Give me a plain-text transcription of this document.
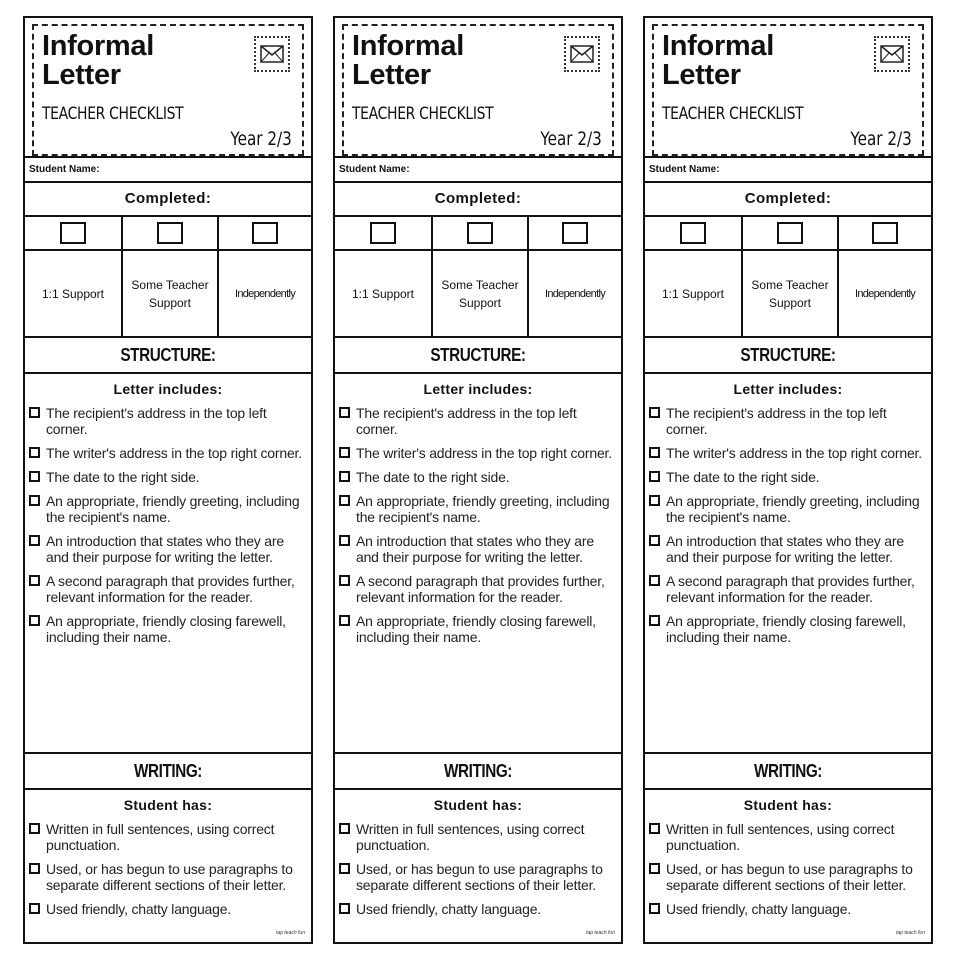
Informal
Letter
TEACHER CHECKLIST
Year 2/3
Student Name:
Completed:
1:1 Support
Some Teacher Support
Independently
STRUCTURE:
Letter includes:
The recipient's address in the top left corner.
The writer's address in the top right corner.
The date to the right side.
An appropriate, friendly greeting, including the recipient's name.
An introduction that states who they are and their purpose for writing the letter.
A second paragraph that provides further, relevant information for the reader.
An appropriate, friendly closing farewell, including their name.
WRITING:
Student has:
Written in full sentences, using correct punctuation.
Used, or has begun to use paragraphs to separate different sections of their letter.
Used friendly, chatty language.
tap teach fun
Informal
Letter
TEACHER CHECKLIST
Year 2/3
Student Name:
Completed:
1:1 Support
Some Teacher Support
Independently
STRUCTURE:
Letter includes:
The recipient's address in the top left corner.
The writer's address in the top right corner.
The date to the right side.
An appropriate, friendly greeting, including the recipient's name.
An introduction that states who they are and their purpose for writing the letter.
A second paragraph that provides further, relevant information for the reader.
An appropriate, friendly closing farewell, including their name.
WRITING:
Student has:
Written in full sentences, using correct punctuation.
Used, or has begun to use paragraphs to separate different sections of their letter.
Used friendly, chatty language.
tap teach fun
Informal
Letter
TEACHER CHECKLIST
Year 2/3
Student Name:
Completed:
1:1 Support
Some Teacher Support
Independently
STRUCTURE:
Letter includes:
The recipient's address in the top left corner.
The writer's address in the top right corner.
The date to the right side.
An appropriate, friendly greeting, including the recipient's name.
An introduction that states who they are and their purpose for writing the letter.
A second paragraph that provides further, relevant information for the reader.
An appropriate, friendly closing farewell, including their name.
WRITING:
Student has:
Written in full sentences, using correct punctuation.
Used, or has begun to use paragraphs to separate different sections of their letter.
Used friendly, chatty language.
tap teach fun
